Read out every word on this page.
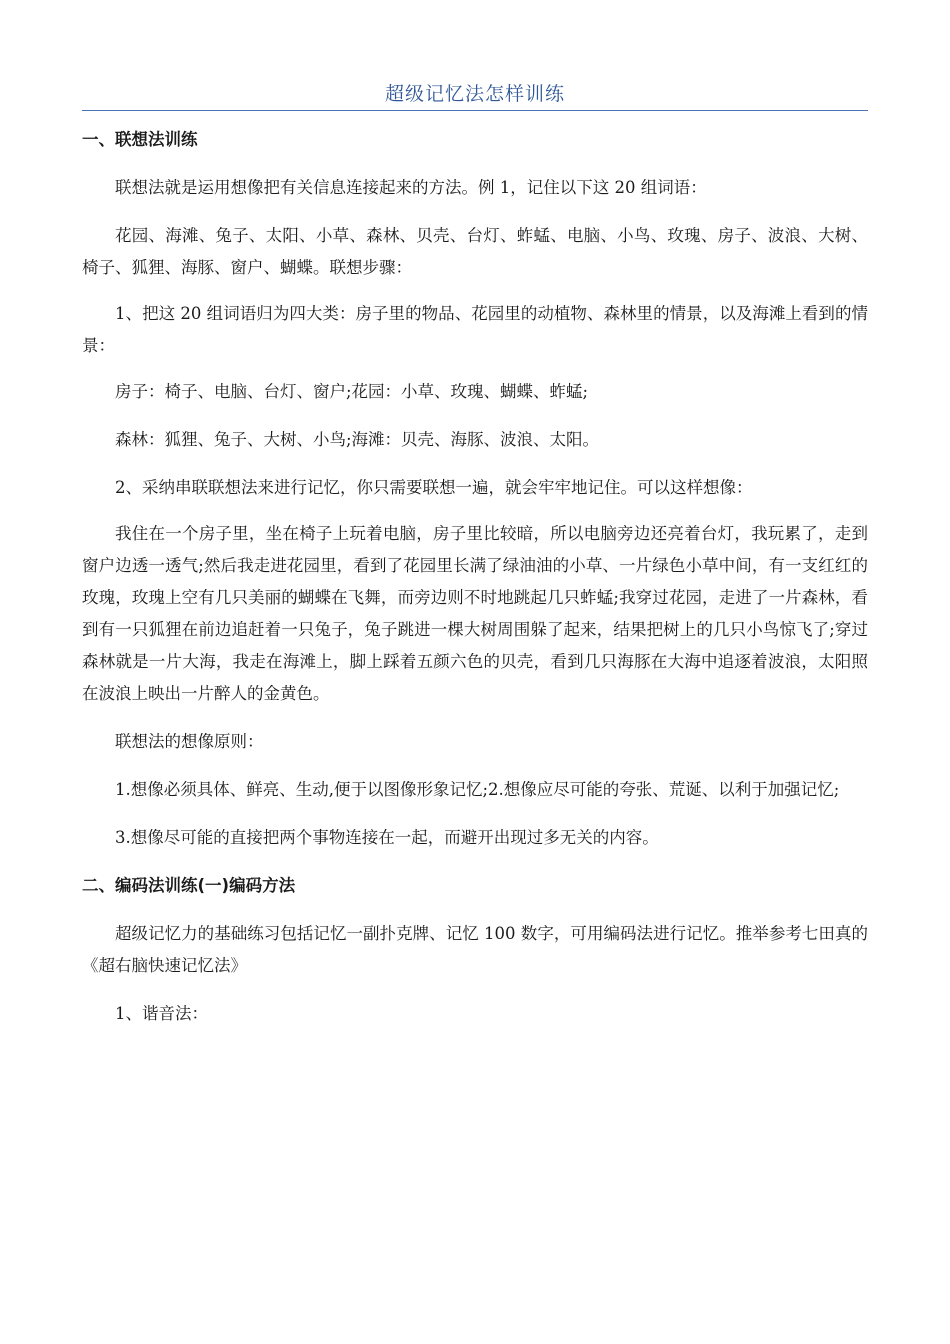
超级记忆法怎样训练
一、联想法训练

联想法就是运用想像把有关信息连接起来的方法。例 1，记住以下这 20 组词语：

花园、海滩、兔子、太阳、小草、森林、贝壳、台灯、蚱蜢、电脑、小鸟、玫瑰、房子、波浪、大树、椅子、狐狸、海豚、窗户、蝴蝶。联想步骤：

1、把这 20 组词语归为四大类：房子里的物品、花园里的动植物、森林里的情景，以及海滩上看到的情景：

房子：椅子、电脑、台灯、窗户;花园：小草、玫瑰、蝴蝶、蚱蜢;

森林：狐狸、兔子、大树、小鸟;海滩：贝壳、海豚、波浪、太阳。

2、采纳串联联想法来进行记忆，你只需要联想一遍，就会牢牢地记住。可以这样想像：

我住在一个房子里，坐在椅子上玩着电脑，房子里比较暗，所以电脑旁边还亮着台灯，我玩累了，走到窗户边透一透气;然后我走进花园里，看到了花园里长满了绿油油的小草、一片绿色小草中间，有一支红红的玫瑰，玫瑰上空有几只美丽的蝴蝶在飞舞，而旁边则不时地跳起几只蚱蜢;我穿过花园，走进了一片森林，看到有一只狐狸在前边追赶着一只兔子，兔子跳进一棵大树周围躲了起来，结果把树上的几只小鸟惊飞了;穿过森林就是一片大海，我走在海滩上，脚上踩着五颜六色的贝壳，看到几只海豚在大海中追逐着波浪，太阳照在波浪上映出一片醉人的金黄色。

联想法的想像原则：

1.想像必须具体、鲜亮、生动,便于以图像形象记忆;2.想像应尽可能的夸张、荒诞、以利于加强记忆;

3.想像尽可能的直接把两个事物连接在一起，而避开出现过多无关的内容。

二、编码法训练(一)编码方法

超级记忆力的基础练习包括记忆一副扑克牌、记忆 100 数字，可用编码法进行记忆。推举参考七田真的《超右脑快速记忆法》

1、谐音法：
